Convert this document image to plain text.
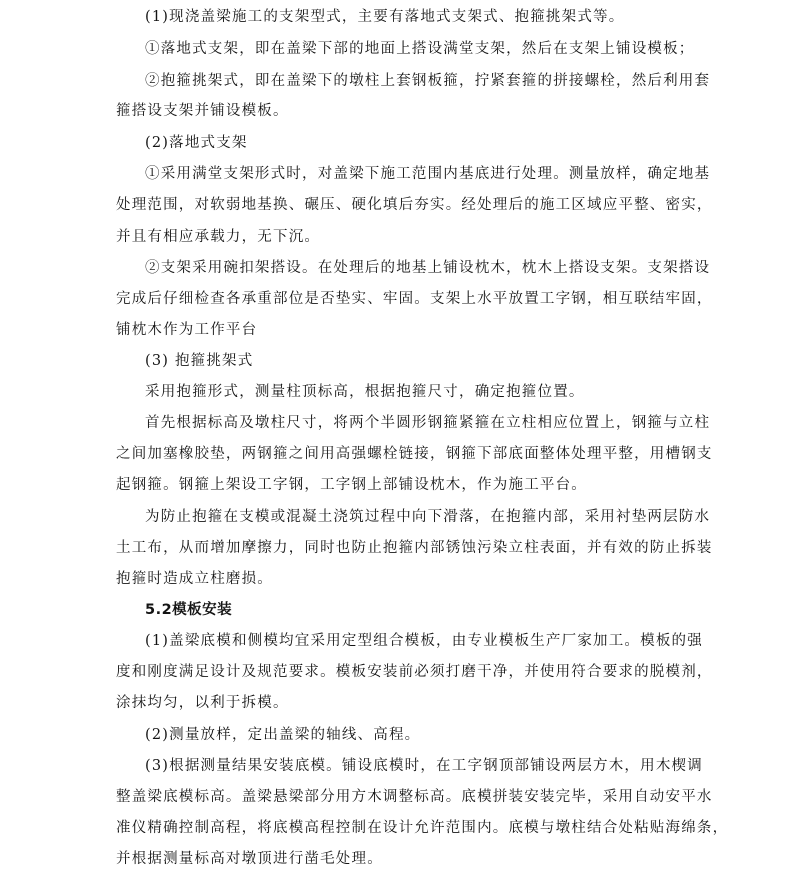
(1)现浇盖梁施工的支架型式，主要有落地式支架式、抱箍挑架式等。
①落地式支架，即在盖梁下部的地面上搭设满堂支架，然后在支架上铺设模板；
②抱箍挑架式，即在盖梁下的墩柱上套钢板箍，拧紧套箍的拼接螺栓，然后利用套
箍搭设支架并铺设模板。
(2)落地式支架
①采用满堂支架形式时，对盖梁下施工范围内基底进行处理。测量放样，确定地基
处理范围，对软弱地基换、碾压、硬化填后夯实。经处理后的施工区域应平整、密实，
并且有相应承载力，无下沉。
②支架采用碗扣架搭设。在处理后的地基上铺设枕木，枕木上搭设支架。支架搭设
完成后仔细检查各承重部位是否垫实、牢固。支架上水平放置工字钢，相互联结牢固，
铺枕木作为工作平台
(3) 抱箍挑架式
采用抱箍形式，测量柱顶标高，根据抱箍尺寸，确定抱箍位置。
首先根据标高及墩柱尺寸，将两个半圆形钢箍紧箍在立柱相应位置上，钢箍与立柱
之间加塞橡胶垫，两钢箍之间用高强螺栓链接，钢箍下部底面整体处理平整，用槽钢支
起钢箍。钢箍上架设工字钢，工字钢上部铺设枕木，作为施工平台。
为防止抱箍在支模或混凝土浇筑过程中向下滑落，在抱箍内部，采用衬垫两层防水
土工布，从而增加摩擦力，同时也防止抱箍内部锈蚀污染立柱表面，并有效的防止拆装
抱箍时造成立柱磨损。
5.2模板安装
(1)盖梁底模和侧模均宜采用定型组合模板，由专业模板生产厂家加工。模板的强
度和刚度满足设计及规范要求。模板安装前必须打磨干净，并使用符合要求的脱模剂，
涂抹均匀，以利于拆模。
(2)测量放样，定出盖梁的轴线、高程。
(3)根据测量结果安装底模。铺设底模时，在工字钢顶部铺设两层方木，用木楔调
整盖梁底模标高。盖梁悬梁部分用方木调整标高。底模拼装安装完毕，采用自动安平水
准仪精确控制高程，将底模高程控制在设计允许范围内。底模与墩柱结合处粘贴海绵条，
并根据测量标高对墩顶进行凿毛处理。
